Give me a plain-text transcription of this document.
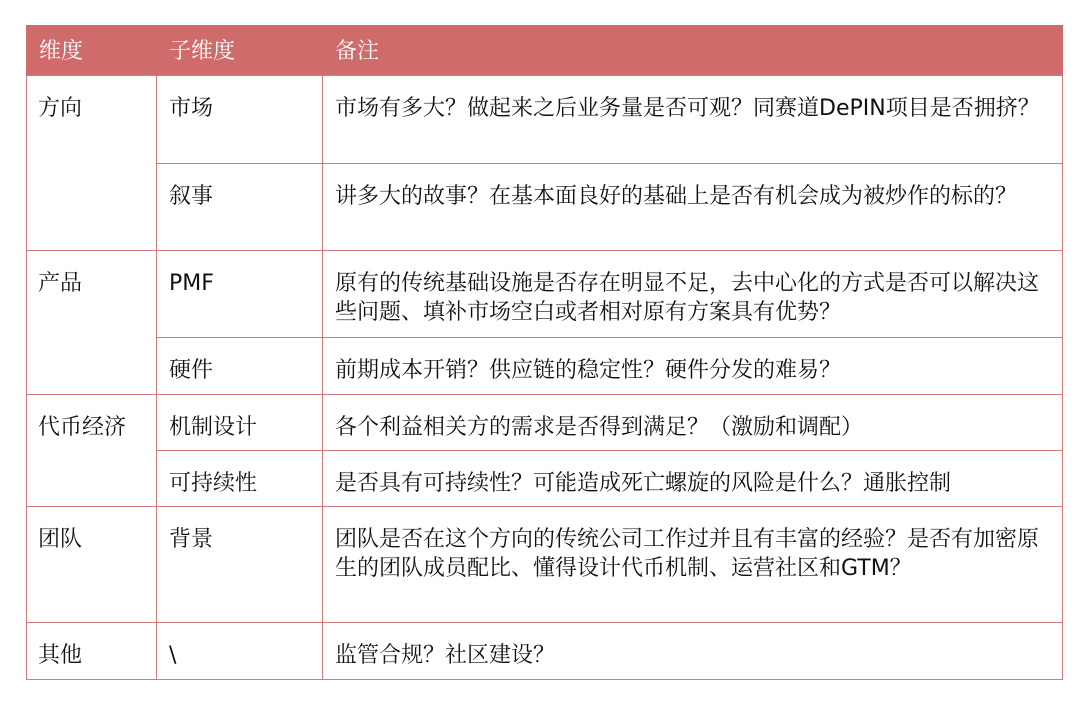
维度	子维度	备注
方向	市场	市场有多大？做起来之后业务量是否可观？同赛道DePIN项目是否拥挤？
	叙事	讲多大的故事？在基本面良好的基础上是否有机会成为被炒作的标的？
产品	PMF	原有的传统基础设施是否存在明显不足，去中心化的方式是否可以解决这些问题、填补市场空白或者相对原有方案具有优势？
	硬件	前期成本开销？供应链的稳定性？硬件分发的难易？
代币经济	机制设计	各个利益相关方的需求是否得到满足？（激励和调配）
	可持续性	是否具有可持续性？可能造成死亡螺旋的风险是什么？通胀控制
团队	背景	团队是否在这个方向的传统公司工作过并且有丰富的经验？是否有加密原生的团队成员配比、懂得设计代币机制、运营社区和GTM？
其他	\	监管合规？社区建设？
